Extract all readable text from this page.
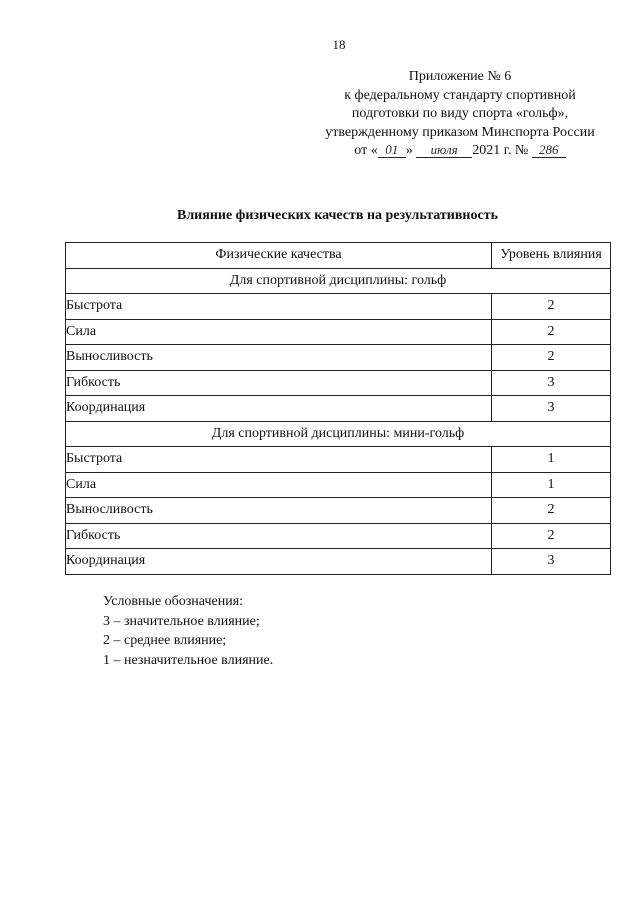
18
Приложение № 6
к федеральному стандарту спортивной
подготовки по виду спорта «гольф»,
утвержденному приказом Минспорта России
от « 01 » июля 2021 г. № 286
Влияние физических качеств на результативность
Физические качества	Уровень влияния
Для спортивной дисциплины: гольф	
Быстрота	2
Сила	2
Выносливость	2
Гибкость	3
Координация	3
Для спортивной дисциплины: мини-гольф	
Быстрота	1
Сила	1
Выносливость	2
Гибкость	2
Координация	3
Условные обозначения:
3 – значительное влияние;
2 – среднее влияние;
1 – незначительное влияние.
